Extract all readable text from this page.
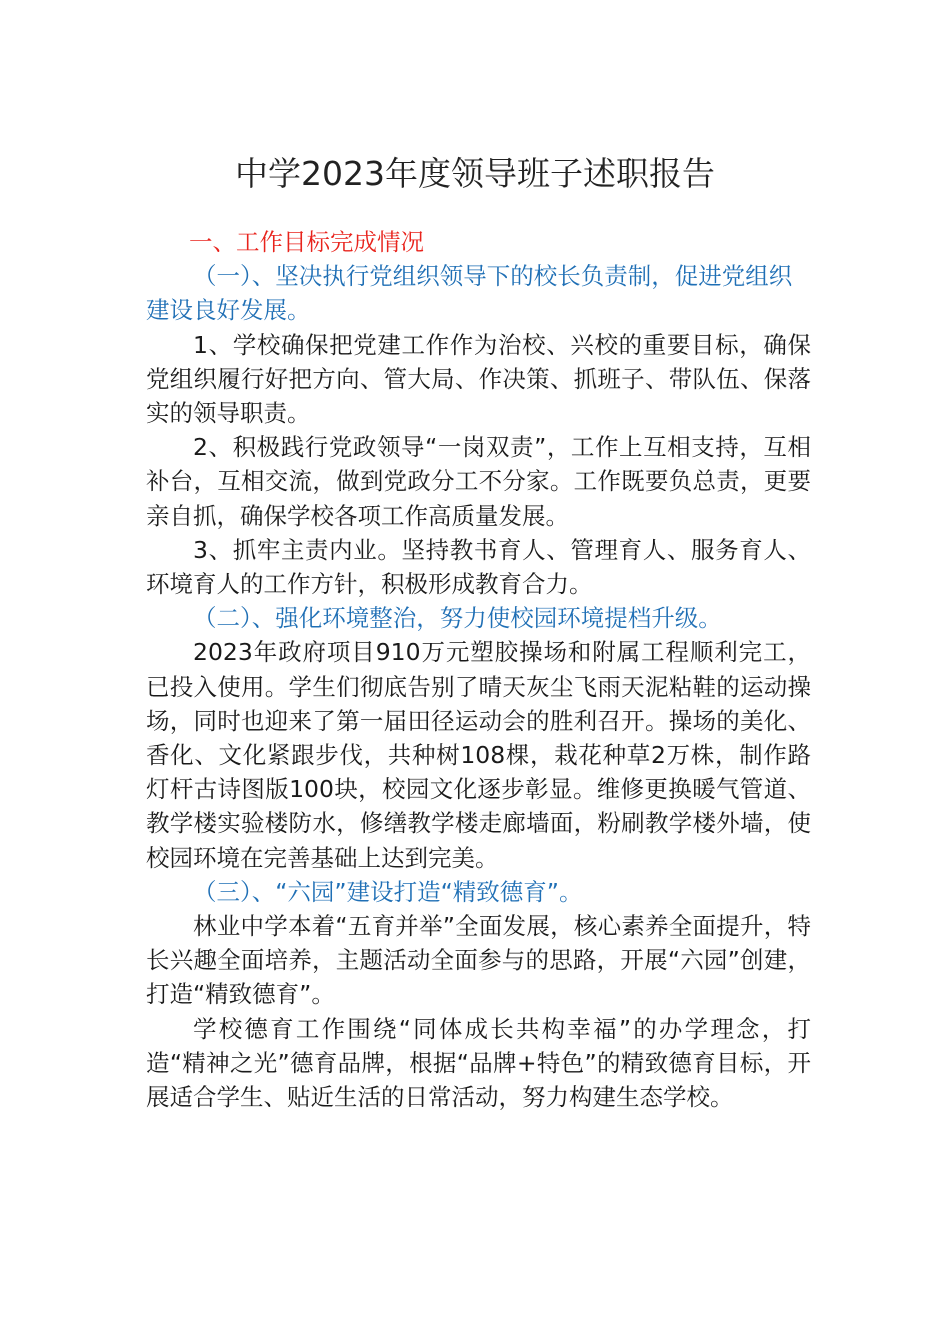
中学2023年度领导班子述职报告

一、工作目标完成情况

（一）、坚决执行党组织领导下的校长负责制，促进党组织建设良好发展。

1、学校确保把党建工作作为治校、兴校的重要目标，确保党组织履行好把方向、管大局、作决策、抓班子、带队伍、保落实的领导职责。

2、积极践行党政领导“一岗双责”，工作上互相支持，互相补台，互相交流，做到党政分工不分家。工作既要负总责，更要亲自抓，确保学校各项工作高质量发展。

3、抓牢主责内业。坚持教书育人、管理育人、服务育人、环境育人的工作方针，积极形成教育合力。

（二）、强化环境整治，努力使校园环境提档升级。

2023年政府项目910万元塑胶操场和附属工程顺利完工，已投入使用。学生们彻底告别了晴天灰尘飞雨天泥粘鞋的运动操场，同时也迎来了第一届田径运动会的胜利召开。操场的美化、香化、文化紧跟步伐，共种树108棵，栽花种草2万株，制作路灯杆古诗图版100块，校园文化逐步彰显。维修更换暖气管道、教学楼实验楼防水，修缮教学楼走廊墙面，粉刷教学楼外墙，使校园环境在完善基础上达到完美。

（三）、“六园”建设打造“精致德育”。

林业中学本着“五育并举”全面发展，核心素养全面提升，特长兴趣全面培养，主题活动全面参与的思路，开展“六园”创建，打造“精致德育”。

学校德育工作围绕“同体成长共构幸福”的办学理念，打造“精神之光”德育品牌，根据“品牌+特色”的精致德育目标，开展适合学生、贴近生活的日常活动，努力构建生态学校。
